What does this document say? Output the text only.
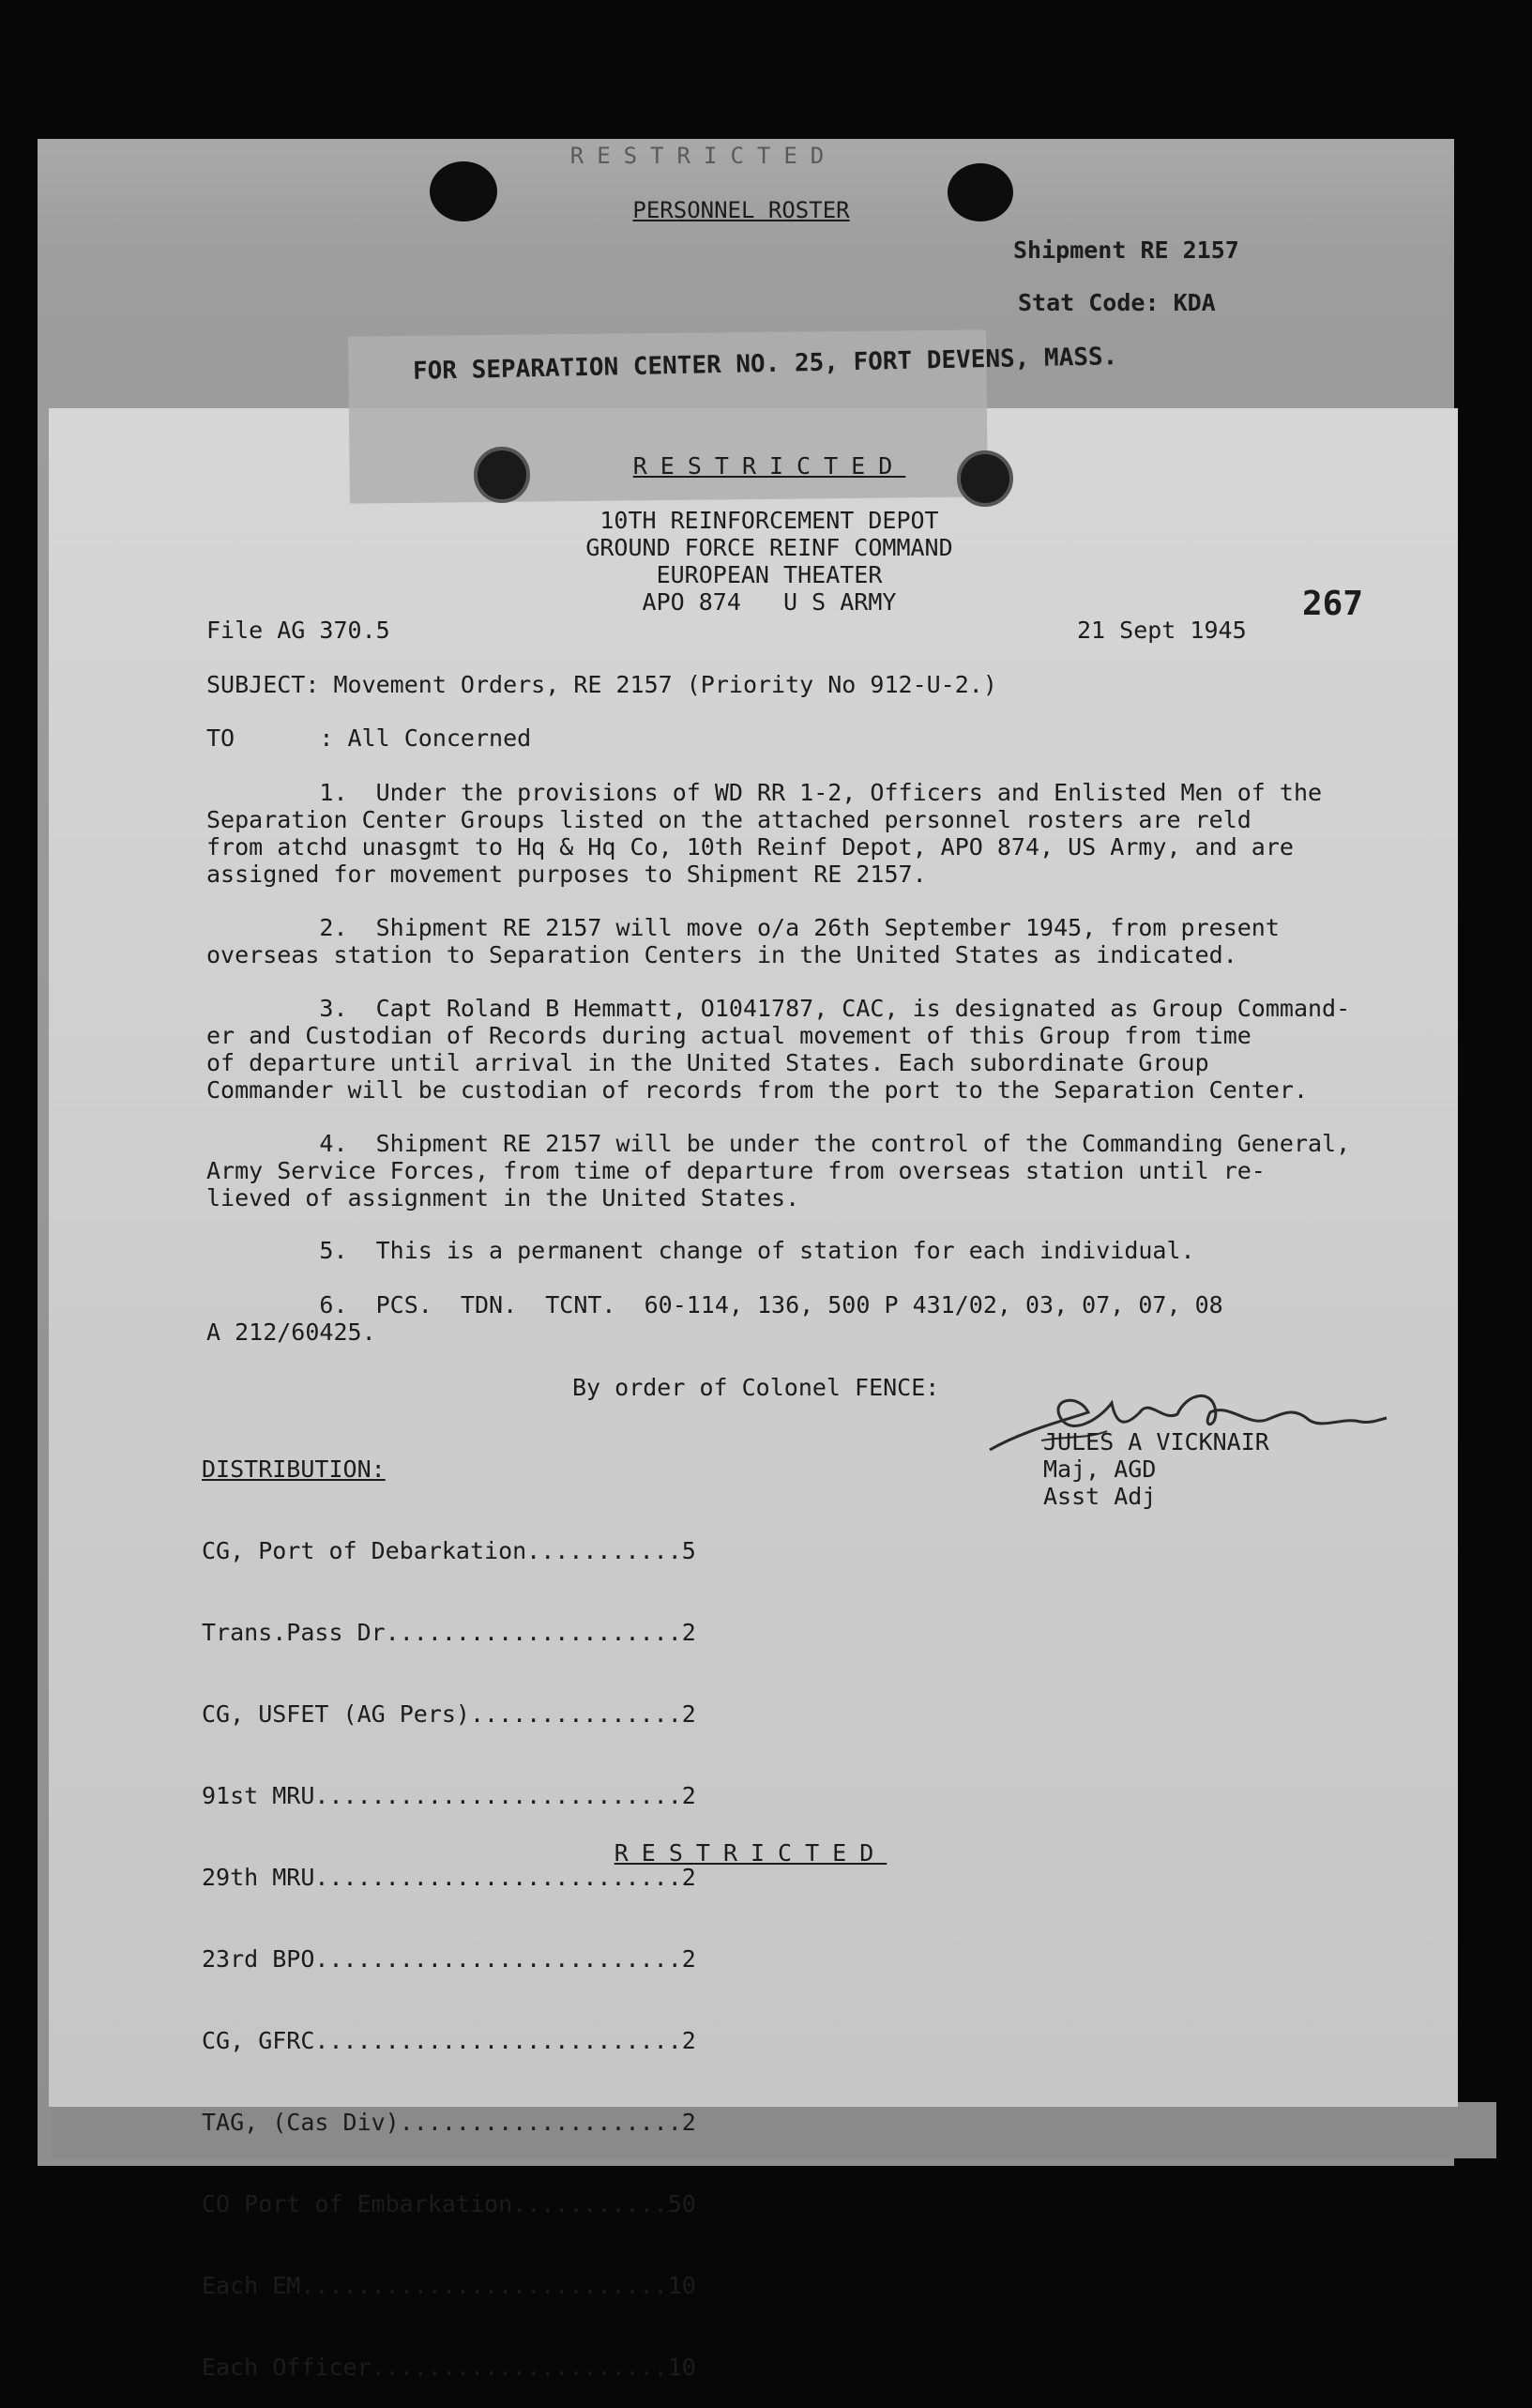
RESTRICTED
PERSONNEL ROSTER
Shipment RE 2157
Stat Code: KDA
FOR SEPARATION CENTER NO. 25, FORT DEVENS, MASS.
RESTRICTED
10TH REINFORCEMENT DEPOT
GROUND FORCE REINF COMMAND
EUROPEAN THEATER
APO 874   U S ARMY	267
File AG 370.5	21 Sept 1945
SUBJECT: Movement Orders, RE 2157 (Priority No 912-U-2.)
TO      : All Concerned
1.  Under the provisions of WD RR 1-2, Officers and Enlisted Men of the
Separation Center Groups listed on the attached personnel rosters are reld
from atchd unasgmt to Hq & Hq Co, 10th Reinf Depot, APO 874, US Army, and are
assigned for movement purposes to Shipment RE 2157.
2.  Shipment RE 2157 will move o/a 26th September 1945, from present
overseas station to Separation Centers in the United States as indicated.
3.  Capt Roland B Hemmatt, O1041787, CAC, is designated as Group Command-
er and Custodian of Records during actual movement of this Group from time
of departure until arrival in the United States. Each subordinate Group
Commander will be custodian of records from the port to the Separation Center.
4.  Shipment RE 2157 will be under the control of the Commanding General,
Army Service Forces, from time of departure from overseas station until re-
lieved of assignment in the United States.
5.  This is a permanent change of station for each individual.
6.  PCS.  TDN.  TCNT.  60-114, 136, 500 P 431/02, 03, 07, 07, 08
A 212/60425.
By order of Colonel FENCE:
JULES A VICKNAIR
Maj, AGD
Asst Adj
DISTRIBUTION:

CG, Port of Debarkation...........5

Trans.Pass Dr.....................2

CG, USFET (AG Pers)...............2

91st MRU..........................2

29th MRU..........................2

23rd BPO..........................2

CG, GFRC..........................2

TAG, (Cas Div)....................2

CO Port of Embarkation...........50

Each EM..........................10

Each Officer.....................10

RESTRICTED
